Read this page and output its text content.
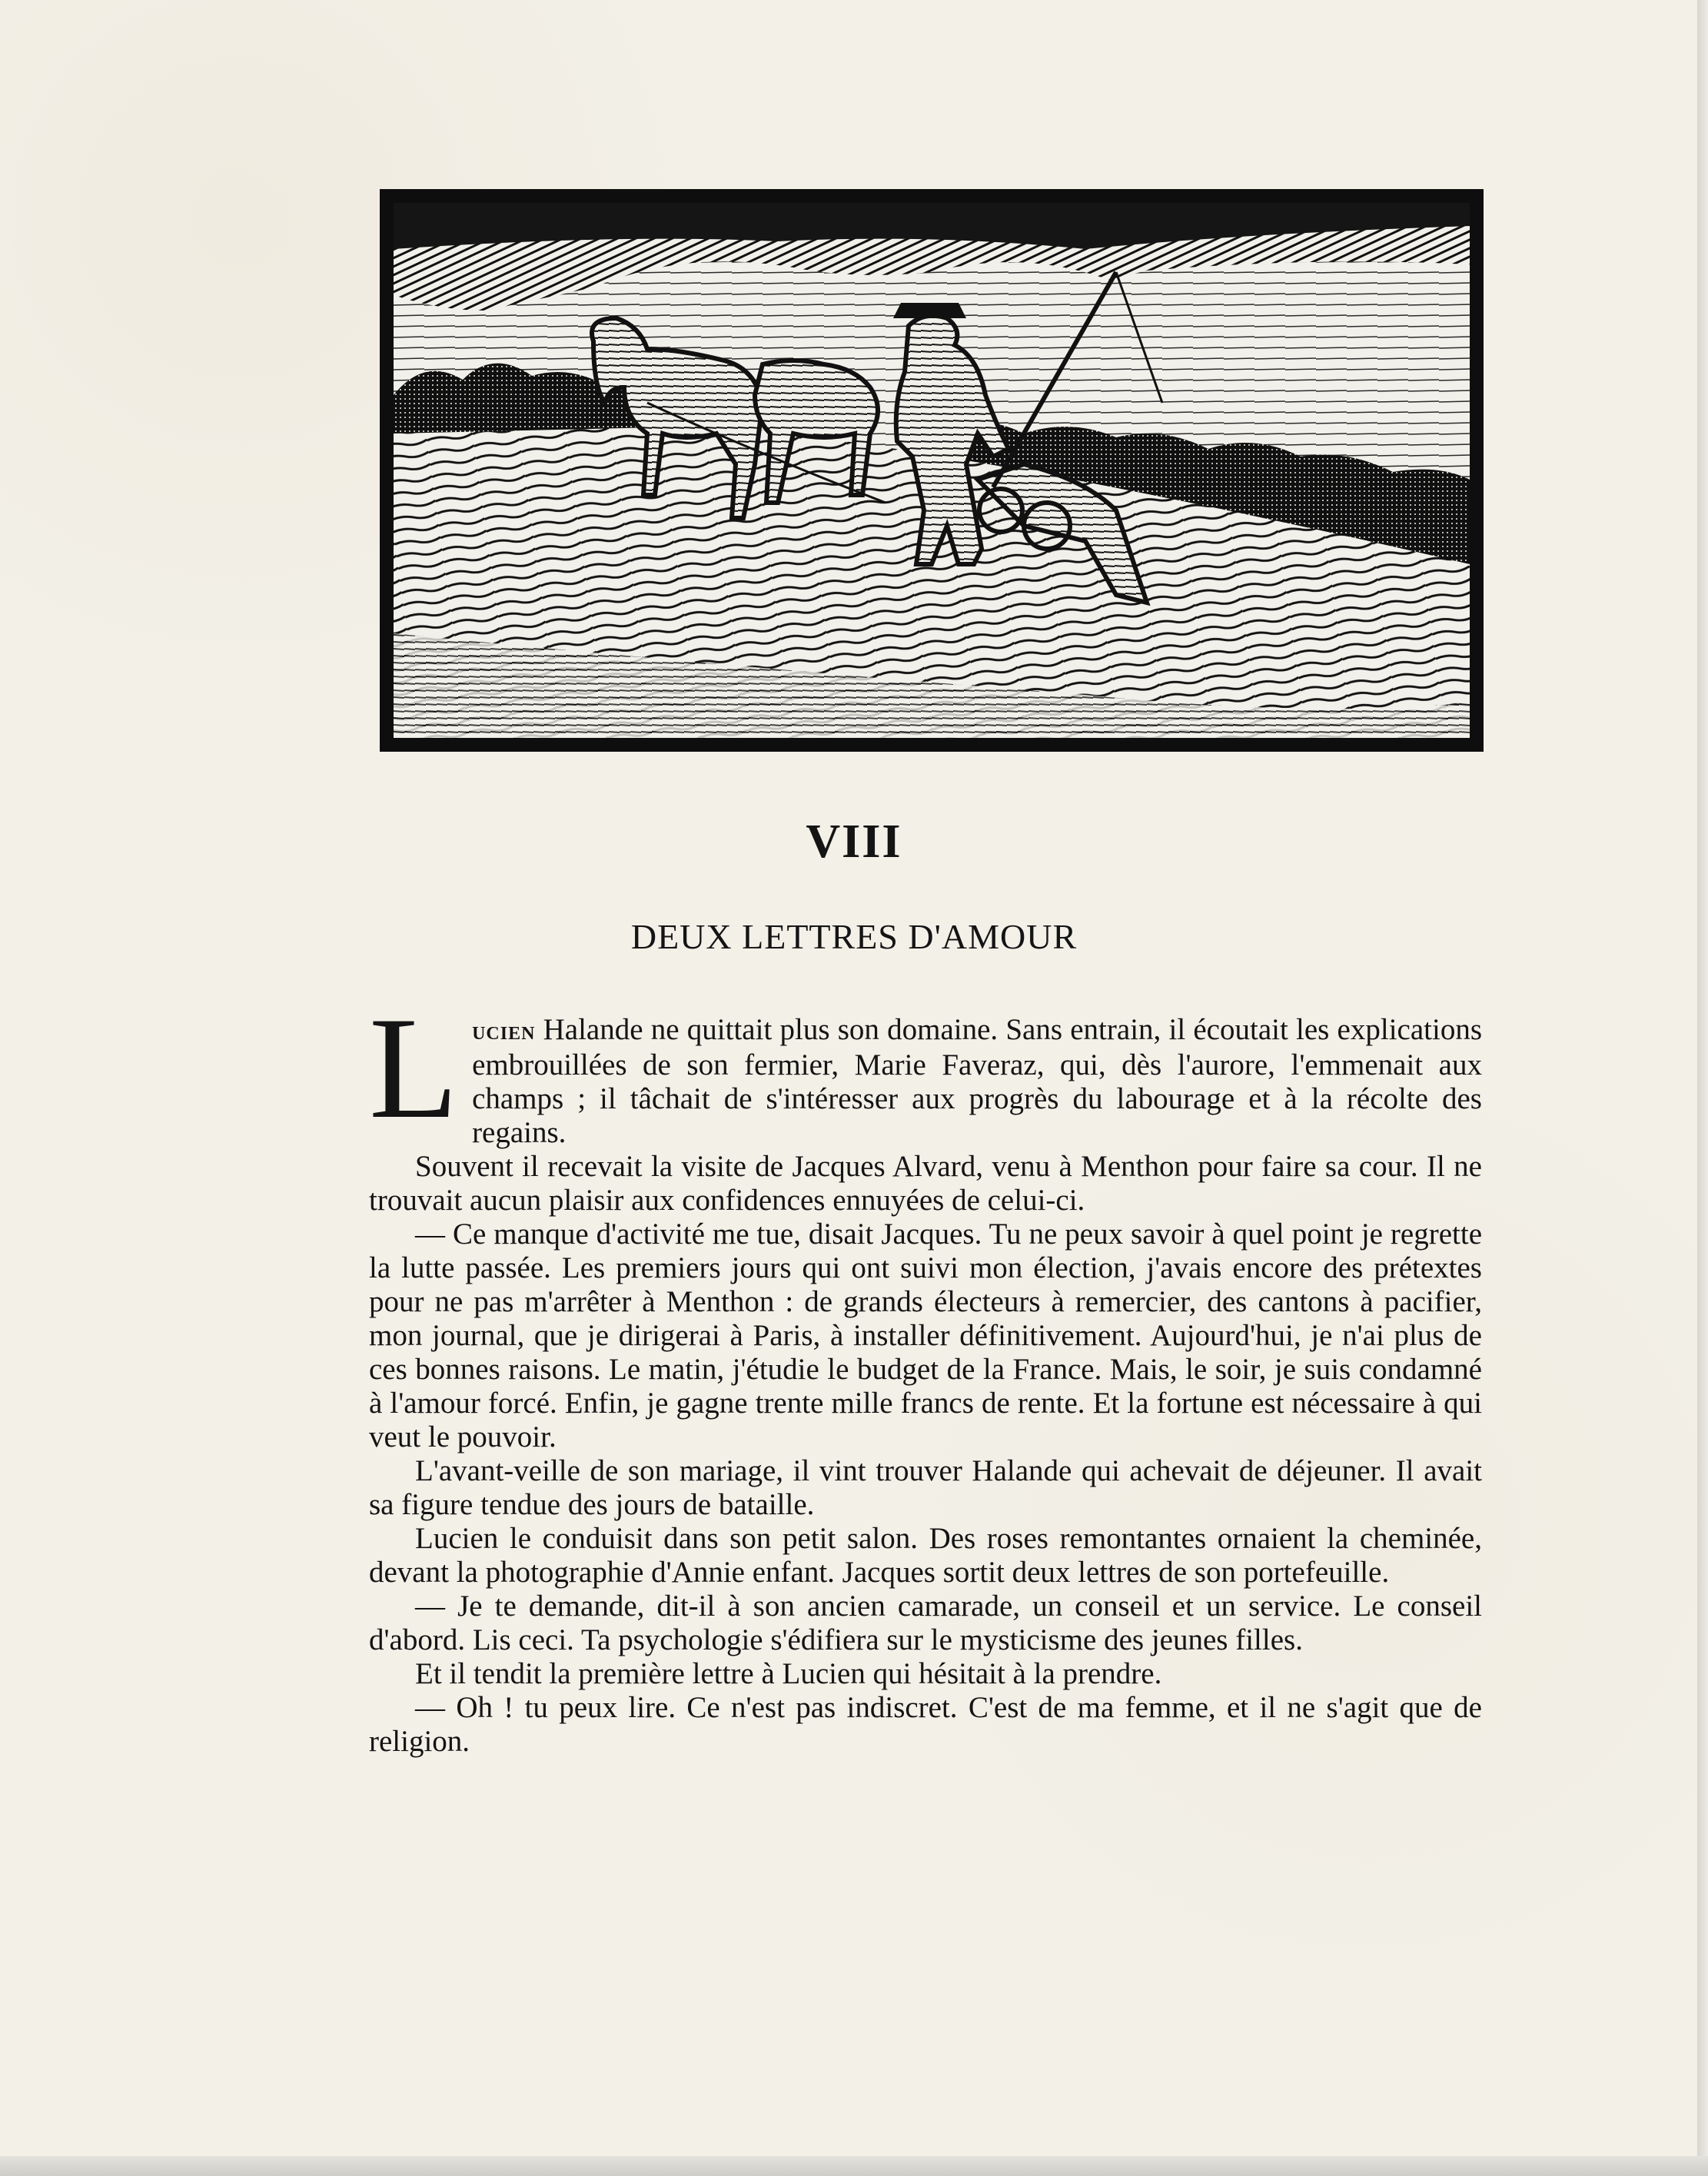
VIII
DEUX LETTRES D'AMOUR

Lucien Halande ne quittait plus son domaine. Sans entrain, il écoutait les explications embrouillées de son fermier, Marie Faveraz, qui, dès l'aurore, l'emmenait aux champs ; il tâchait de s'intéresser aux progrès du labourage et à la récolte des regains.

Souvent il recevait la visite de Jacques Alvard, venu à Menthon pour faire sa cour. Il ne trouvait aucun plaisir aux confidences ennuyées de celui-ci.

— Ce manque d'activité me tue, disait Jacques. Tu ne peux savoir à quel point je regrette la lutte passée. Les premiers jours qui ont suivi mon élection, j'avais encore des prétextes pour ne pas m'arrêter à Menthon : de grands électeurs à remercier, des cantons à pacifier, mon journal, que je dirigerai à Paris, à installer définitivement. Aujourd'hui, je n'ai plus de ces bonnes raisons. Le matin, j'étudie le budget de la France. Mais, le soir, je suis condamné à l'amour forcé. Enfin, je gagne trente mille francs de rente. Et la fortune est nécessaire à qui veut le pouvoir.

L'avant-veille de son mariage, il vint trouver Halande qui achevait de déjeuner. Il avait sa figure tendue des jours de bataille.

Lucien le conduisit dans son petit salon. Des roses remontantes ornaient la cheminée, devant la photographie d'Annie enfant. Jacques sortit deux lettres de son portefeuille.

— Je te demande, dit-il à son ancien camarade, un conseil et un service. Le conseil d'abord. Lis ceci. Ta psychologie s'édifiera sur le mysticisme des jeunes filles.

Et il tendit la première lettre à Lucien qui hésitait à la prendre.

— Oh ! tu peux lire. Ce n'est pas indiscret. C'est de ma femme, et il ne s'agit que de religion.
